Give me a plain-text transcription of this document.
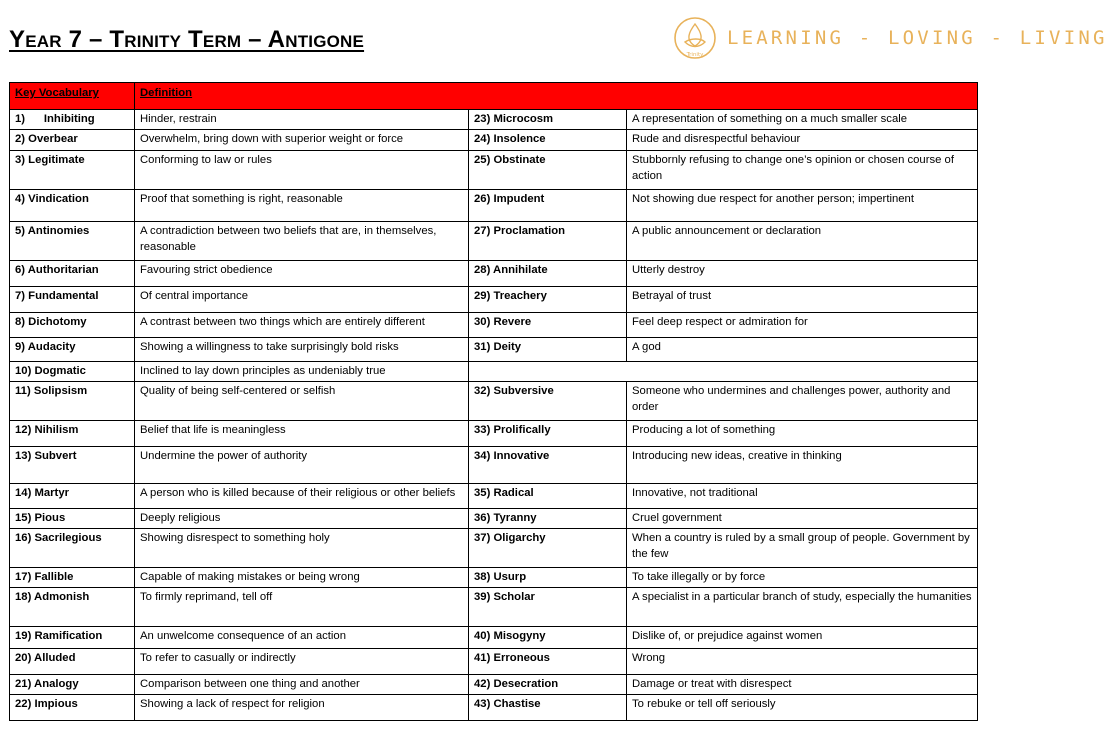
Year 7 – Trinity Term – Antigone
Trinity
LEARNING - LOVING - LIVING
Key Vocabulary	Definition		
1)      Inhibiting	Hinder, restrain	23) Microcosm	A representation of something on a much smaller scale
2) Overbear	Overwhelm, bring down with superior weight or force	24) Insolence	Rude and disrespectful behaviour
3) Legitimate	Conforming to law or rules	25) Obstinate	Stubbornly refusing to change one’s opinion or chosen course of action
4) Vindication	Proof that something is right, reasonable	26) Impudent	Not showing due respect for another person; impertinent
5) Antinomies	A contradiction between two beliefs that are, in themselves, reasonable	27) Proclamation	A public announcement or declaration
6) Authoritarian	Favouring strict obedience	28) Annihilate	Utterly destroy
7) Fundamental	Of central importance	29) Treachery	Betrayal of trust
8) Dichotomy	A contrast between two things which are entirely different	30) Revere	Feel deep respect or admiration for
9) Audacity	Showing a willingness to take surprisingly bold risks	31) Deity	A god
10) Dogmatic	Inclined to lay down principles as undeniably true		
11) Solipsism	Quality of being self-centered or selfish	32) Subversive	Someone who undermines and challenges power, authority and order
12) Nihilism	Belief that life is meaningless	33) Prolifically	Producing a lot of something
13) Subvert	Undermine the power of authority	34) Innovative	Introducing new ideas, creative in thinking
14) Martyr	A person who is killed because of their religious or other beliefs	35) Radical	Innovative, not traditional
15) Pious	Deeply religious	36) Tyranny	Cruel government
16) Sacrilegious	Showing disrespect to something holy	37) Oligarchy	When a country is ruled by a small group of people. Government by the few
17) Fallible	Capable of making mistakes or being wrong	38) Usurp	To take illegally or by force
18) Admonish	To firmly reprimand, tell off	39) Scholar	A specialist in a particular branch of study, especially the humanities
19) Ramification	An unwelcome consequence of an action	40) Misogyny	Dislike of, or prejudice against women
20) Alluded	To refer to casually or indirectly	41) Erroneous	Wrong
21) Analogy	Comparison between one thing and another	42) Desecration	Damage or treat with disrespect
22) Impious	Showing a lack of respect for religion	43) Chastise	To rebuke or tell off seriously
